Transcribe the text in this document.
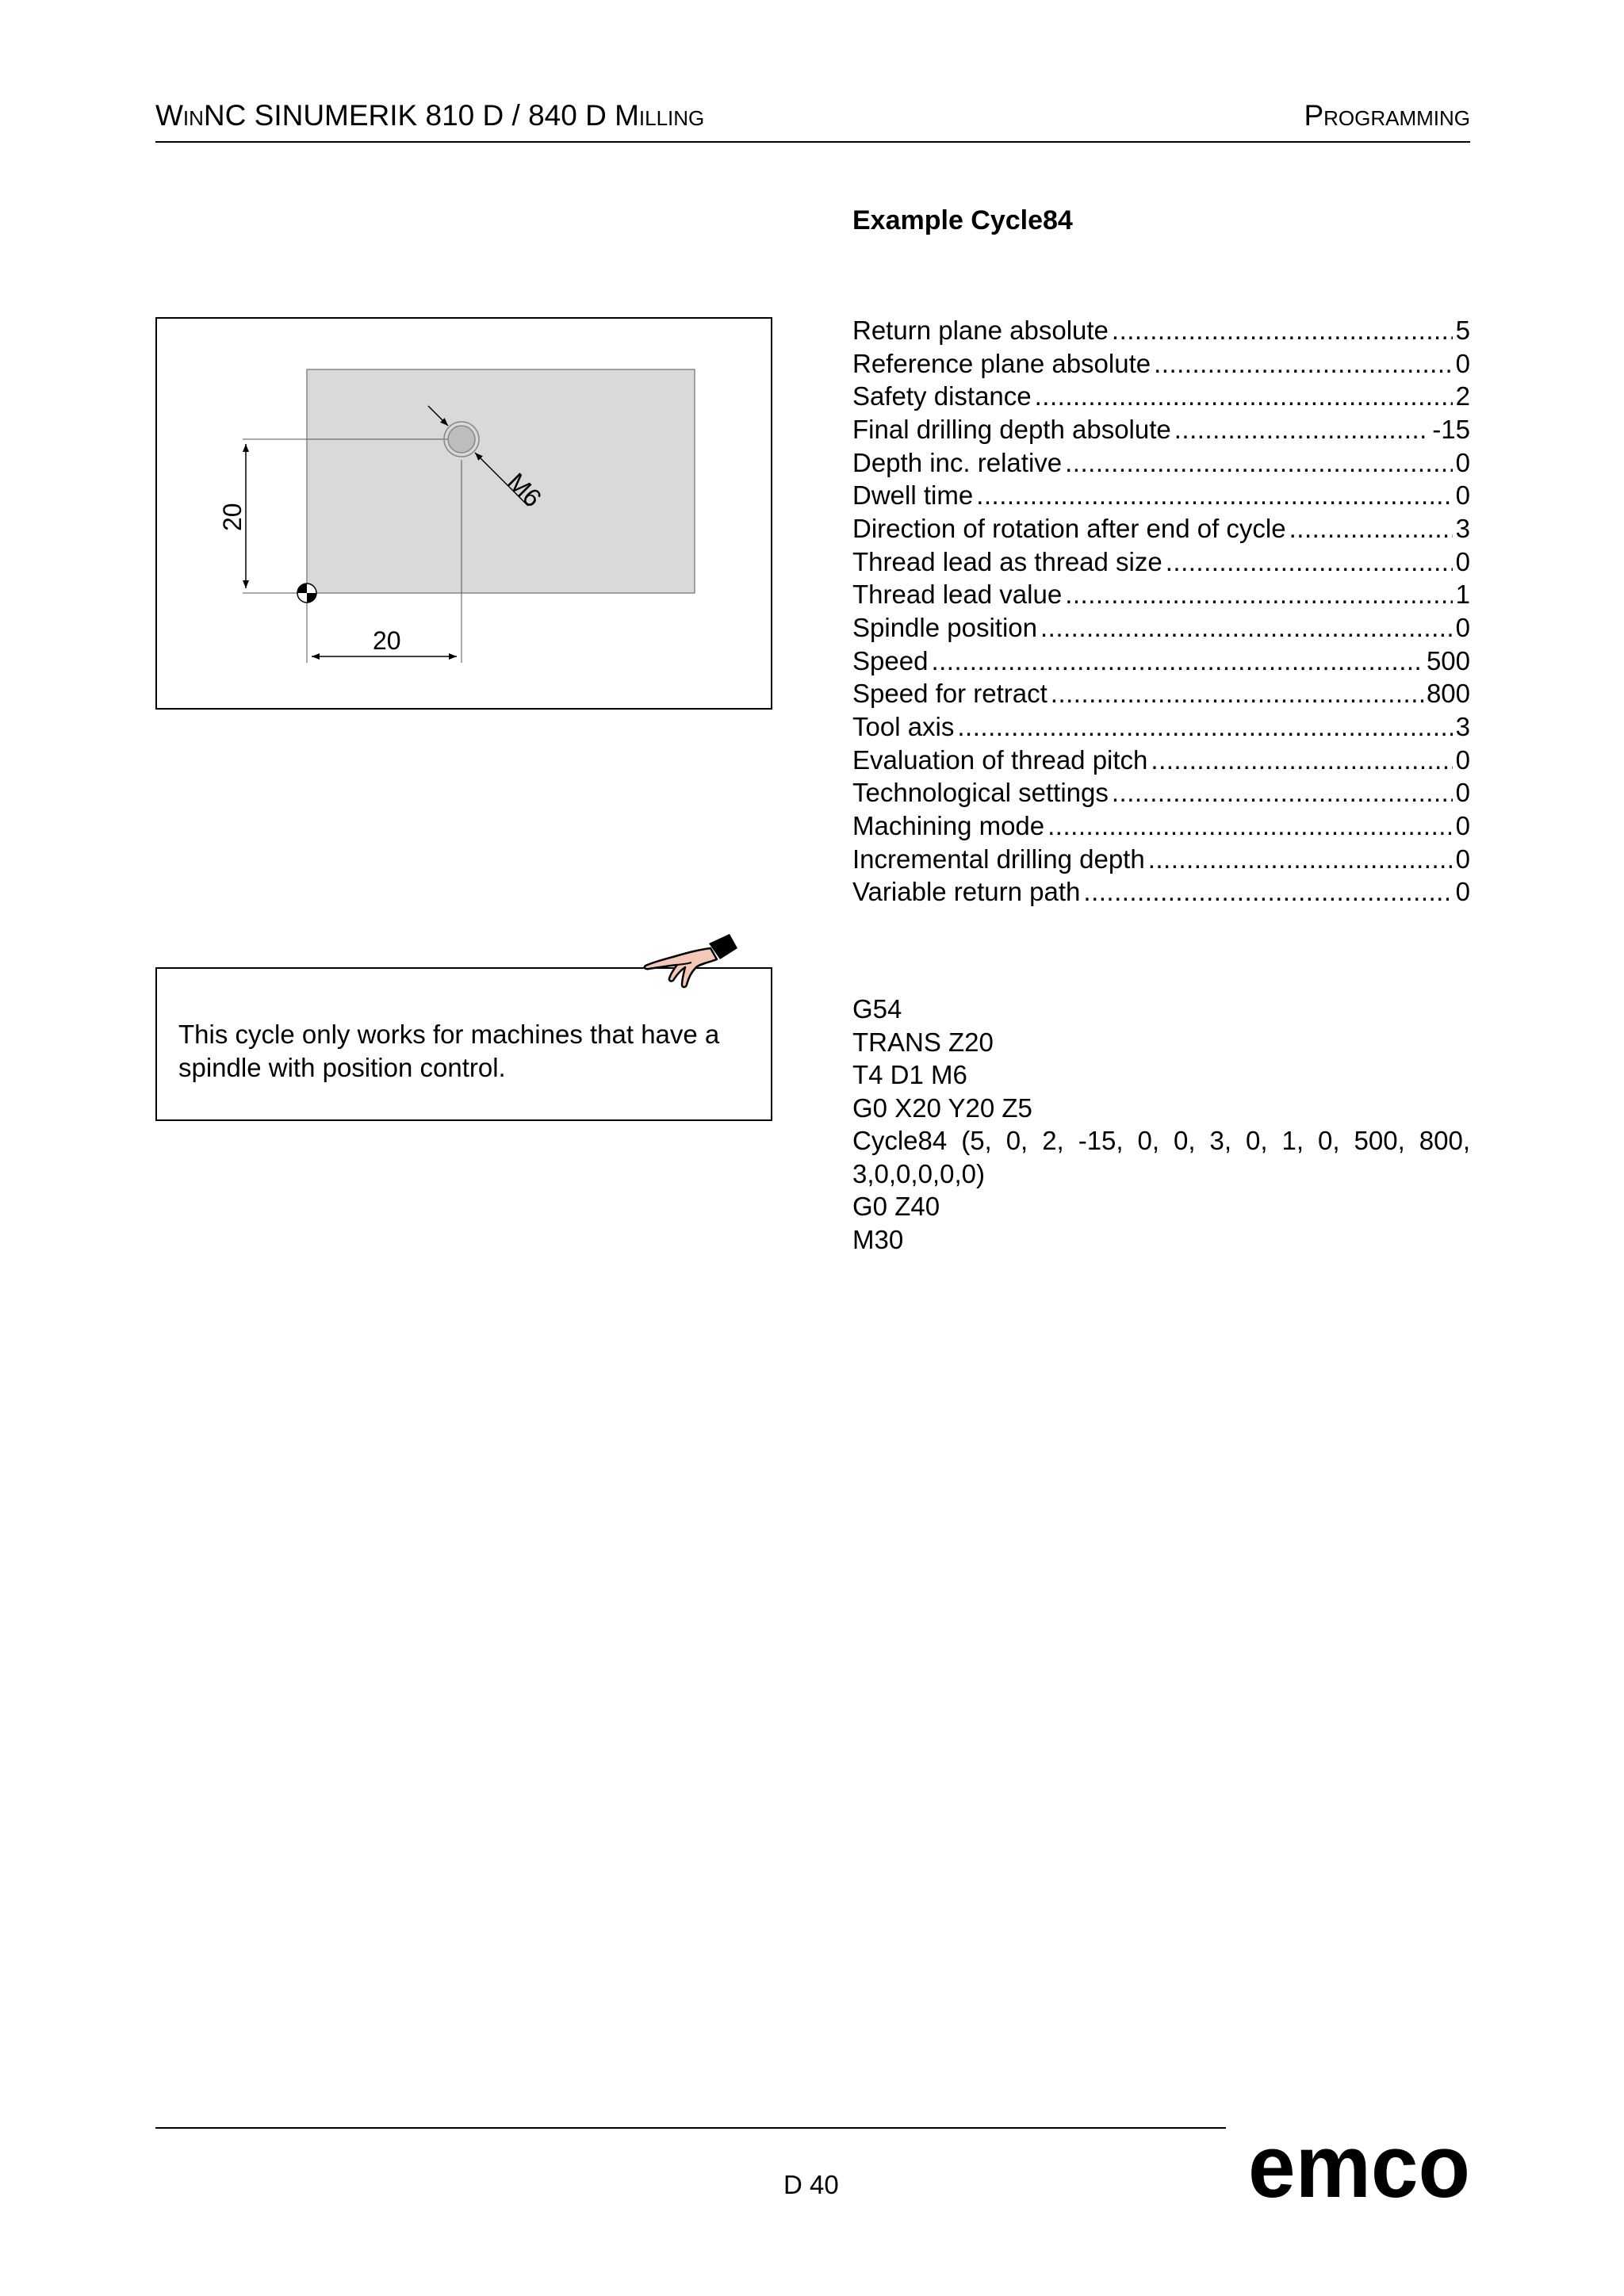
WinNC SINUMERIK 810 D / 840 D Milling	Programming
Example Cycle84
M6
20
20
Return plane absolute .....	5
Reference plane absolute .....	0
Safety distance .....	2
Final drilling depth absolute .....	-15
Depth inc. relative .....	0
Dwell time .....	0
Direction of rotation after end of cycle .....	3
Thread lead as thread size .....	0
Thread lead value .....	1
Spindle position .....	0
Speed .....	500
Speed for retract .....	800
Tool axis .....	3
Evaluation of thread pitch .....	0
Technological settings .....	0
Machining mode .....	0
Incremental drilling depth .....	0
Variable return path .....	0
This cycle only works for machines that have a spindle with position control.
G54
TRANS Z20
T4 D1 M6
G0 X20 Y20 Z5
Cycle84 (5, 0, 2, -15, 0, 0, 3, 0, 1, 0, 500, 800,
3,0,0,0,0,0)
G0 Z40
M30
D 40	emco
